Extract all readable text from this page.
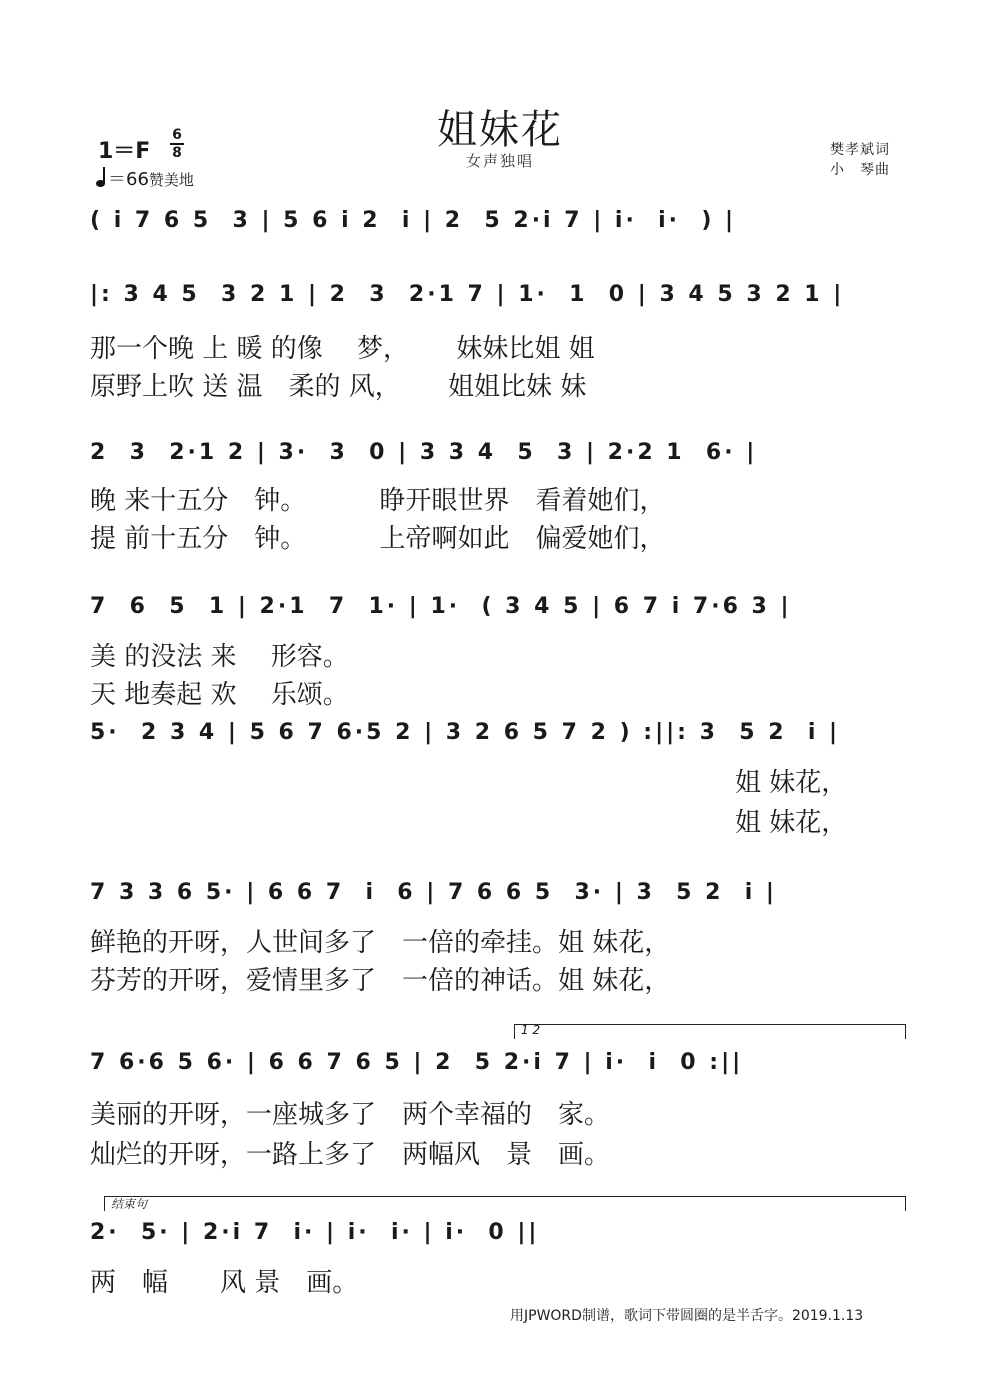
姐妹花
女声独唱
1＝F
6
8
＝66赞美地
樊孝斌词
小　琴曲
( i 7 6 5  3 | 5 6 i 2  i | 2  5 2·i 7 | i·  i·  ) |
|: 3 4 5  3 2 1 | 2  3  2·1 7 | 1·  1  0 | 3 4 5 3 2 1 |
那一个晚 上 暖 的像　 梦，　　 妹妹比姐 姐
原野上吹 送 温　柔的 风，　　 姐姐比妹 妹
2  3  2·1 2 | 3·  3  0 | 3 3 4  5  3 | 2·2 1  6· |
晚 来十五分　钟。　　　 睁开眼世界　看着她们，
提 前十五分　钟。　　　 上帝啊如此　偏爱她们，
7  6  5  1 | 2·1  7  1· | 1·  ( 3 4 5 | 6 7 i 7·6 3 |
美 的没法 来　 形容。
天 地奏起 欢　 乐颂。
5·  2 3 4 | 5 6 7 6·5 2 | 3 2 6 5 7 2 ) :||: 3  5 2  i |
姐 妹花，
姐 妹花，
7 3 3 6 5· | 6 6 7  i  6 | 7 6 6 5  3· | 3  5 2  i |
鲜艳的开呀，人世间多了　一倍的牵挂。姐 妹花，
芬芳的开呀，爱情里多了　一倍的神话。姐 妹花，
1 2
7 6·6 5 6· | 6 6 7 6 5 | 2  5 2·i 7 | i·  i  0 :||
美丽的开呀，一座城多了　两个幸福的　家。
灿烂的开呀，一路上多了　两幅风　景　画。
结束句
2·  5· | 2·i 7  i· | i·  i· | i·  0 ||
两　幅　　风 景　画。
用JPWORD制谱，歌词下带圆圈的是半舌字。2019.1.13
